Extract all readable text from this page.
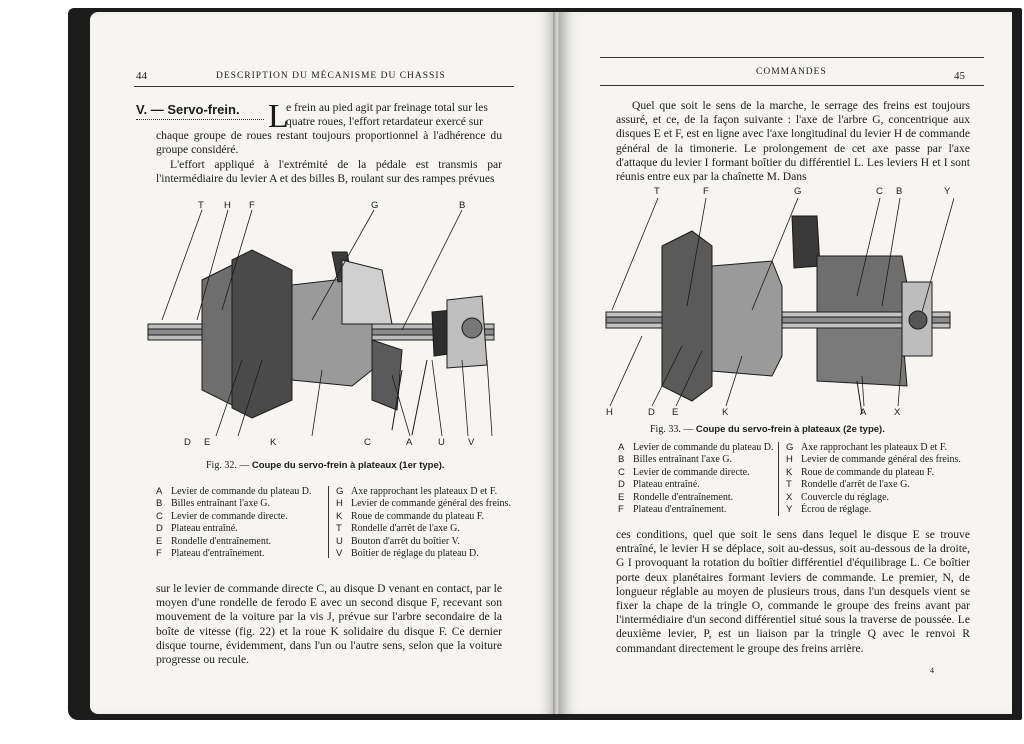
44	DESCRIPTION DU MÉCANISME DU CHASSIS
V. — Servo-frein. L
e frein au pied agit par freinage total sur les
quatre roues, l'effort retardateur exercé sur
chaque groupe de roues restant toujours proportionnel à l'adhérence du groupe considéré.
L'effort appliqué à l'extrémité de la pédale est transmis par l'intermédiaire du levier A et des billes B, roulant sur des rampes prévues
T H F	G	B
D E	K	C	A	U V
Fig. 32. — Coupe du servo-frein à plateaux (1er type).
A Levier de commande du plateau D.
B Billes entraînant l'axe G.
C Levier de commande directe.
D Plateau entraîné.
E Rondelle d'entraînement.
F Plateau d'entraînement.
G Axe rapprochant les plateaux D et F.
H Levier de commande général des freins.
K Roue de commande du plateau F.
T Rondelle d'arrêt de l'axe G.
U Bouton d'arrêt du boîtier V.
V Boîtier de réglage du plateau D.
sur le levier de commande directe C, au disque D venant en contact, par le moyen d'une rondelle de ferodo E avec un second disque F, recevant son mouvement de la voiture par la vis J, prévue sur l'arbre secondaire de la boîte de vitesse (fig. 22) et la roue K solidaire du disque F. Ce dernier disque tourne, évidemment, dans l'un ou l'autre sens, selon que la voiture progresse ou recule.
COMMANDES	45
Quel que soit le sens de la marche, le serrage des freins est toujours assuré, et ce, de la façon suivante : l'axe de l'arbre G, concentrique aux disques E et F, est en ligne avec l'axe longitudinal du levier H de commande général de la timonerie. Le prolongement de cet axe passe par l'axe d'attaque du levier I formant boîtier du différentiel L. Les leviers H et I sont réunis entre eux par la chaînette M. Dans
T	F	G	C B	Y
H	D E	K	A	X
Fig. 33. — Coupe du servo-frein à plateaux (2e type).
A Levier de commande du plateau D.
B Billes entraînant l'axe G.
C Levier de commande directe.
D Plateau entraîné.
E Rondelle d'entraînement.
F Plateau d'entraînement.
G Axe rapprochant les plateaux D et F.
H Levier de commande général des freins.
K Roue de commande du plateau F.
T Rondelle d'arrêt de l'axe G.
X Couvercle du réglage.
Y Écrou de réglage.
ces conditions, quel que soit le sens dans lequel le disque E se trouve entraîné, le levier H se déplace, soit au-dessus, soit au-dessous de la droite, G I provoquant la rotation du boîtier différentiel d'équilibrage L. Ce boîtier porte deux planétaires formant leviers de commande. Le premier, N, de longueur réglable au moyen de plusieurs trous, dans l'un desquels vient se fixer la chape de la tringle O, commande le groupe des freins avant par l'intermédiaire d'un second différentiel situé sous la traverse de poussée. Le deuxième levier, P, est un liaison par la tringle Q avec le renvoi R commandant directement le groupe des freins arrière.
4
